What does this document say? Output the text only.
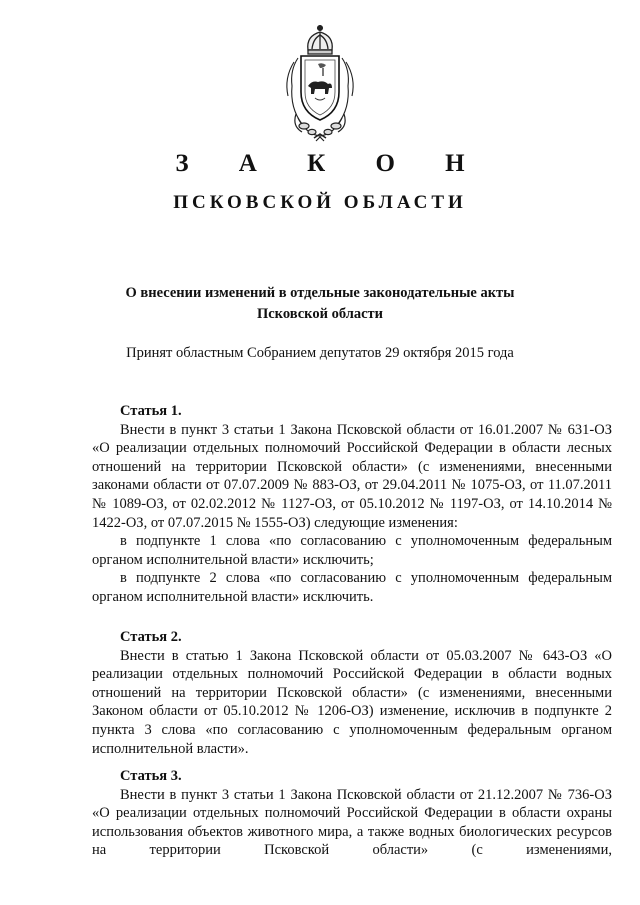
З А К О Н
ПСКОВСКОЙ ОБЛАСТИ
О внесении изменений в отдельные законодательные акты
Псковской области
Принят областным Собранием депутатов 29 октября 2015 года

Статья 1.

Внести в пункт 3 статьи 1 Закона Псковской области от 16.01.2007 № 631-ОЗ «О реализации отдельных полномочий Российской Федерации в области лесных отношений на территории Псковской области» (с изменениями, внесенными законами области от 07.07.2009 № 883-ОЗ, от 29.04.2011 № 1075-ОЗ, от 11.07.2011 № 1089-ОЗ, от 02.02.2012 № 1127-ОЗ, от 05.10.2012 № 1197-ОЗ, от 14.10.2014 № 1422-ОЗ, от 07.07.2015 № 1555-ОЗ) следующие изменения:

в подпункте 1 слова «по согласованию с уполномоченным федеральным органом исполнительной власти» исключить;

в подпункте 2 слова «по согласованию с уполномоченным федеральным органом исполнительной власти» исключить.

Статья 2.

Внести в статью 1 Закона Псковской области от 05.03.2007 № 643-ОЗ «О реализации отдельных полномочий Российской Федерации в области водных отношений на территории Псковской области» (с изменениями, внесенными Законом области от 05.10.2012 № 1206-ОЗ) изменение, исключив в подпункте 2 пункта 3 слова «по согласованию с уполномоченным федеральным органом исполнительной власти».

Статья 3.

Внести в пункт 3 статьи 1 Закона Псковской области от 21.12.2007 № 736-ОЗ «О реализации отдельных полномочий Российской Федерации в области охраны использования объектов животного мира, а также водных биологических ресурсов на территории Псковской области» (с изменениями,
